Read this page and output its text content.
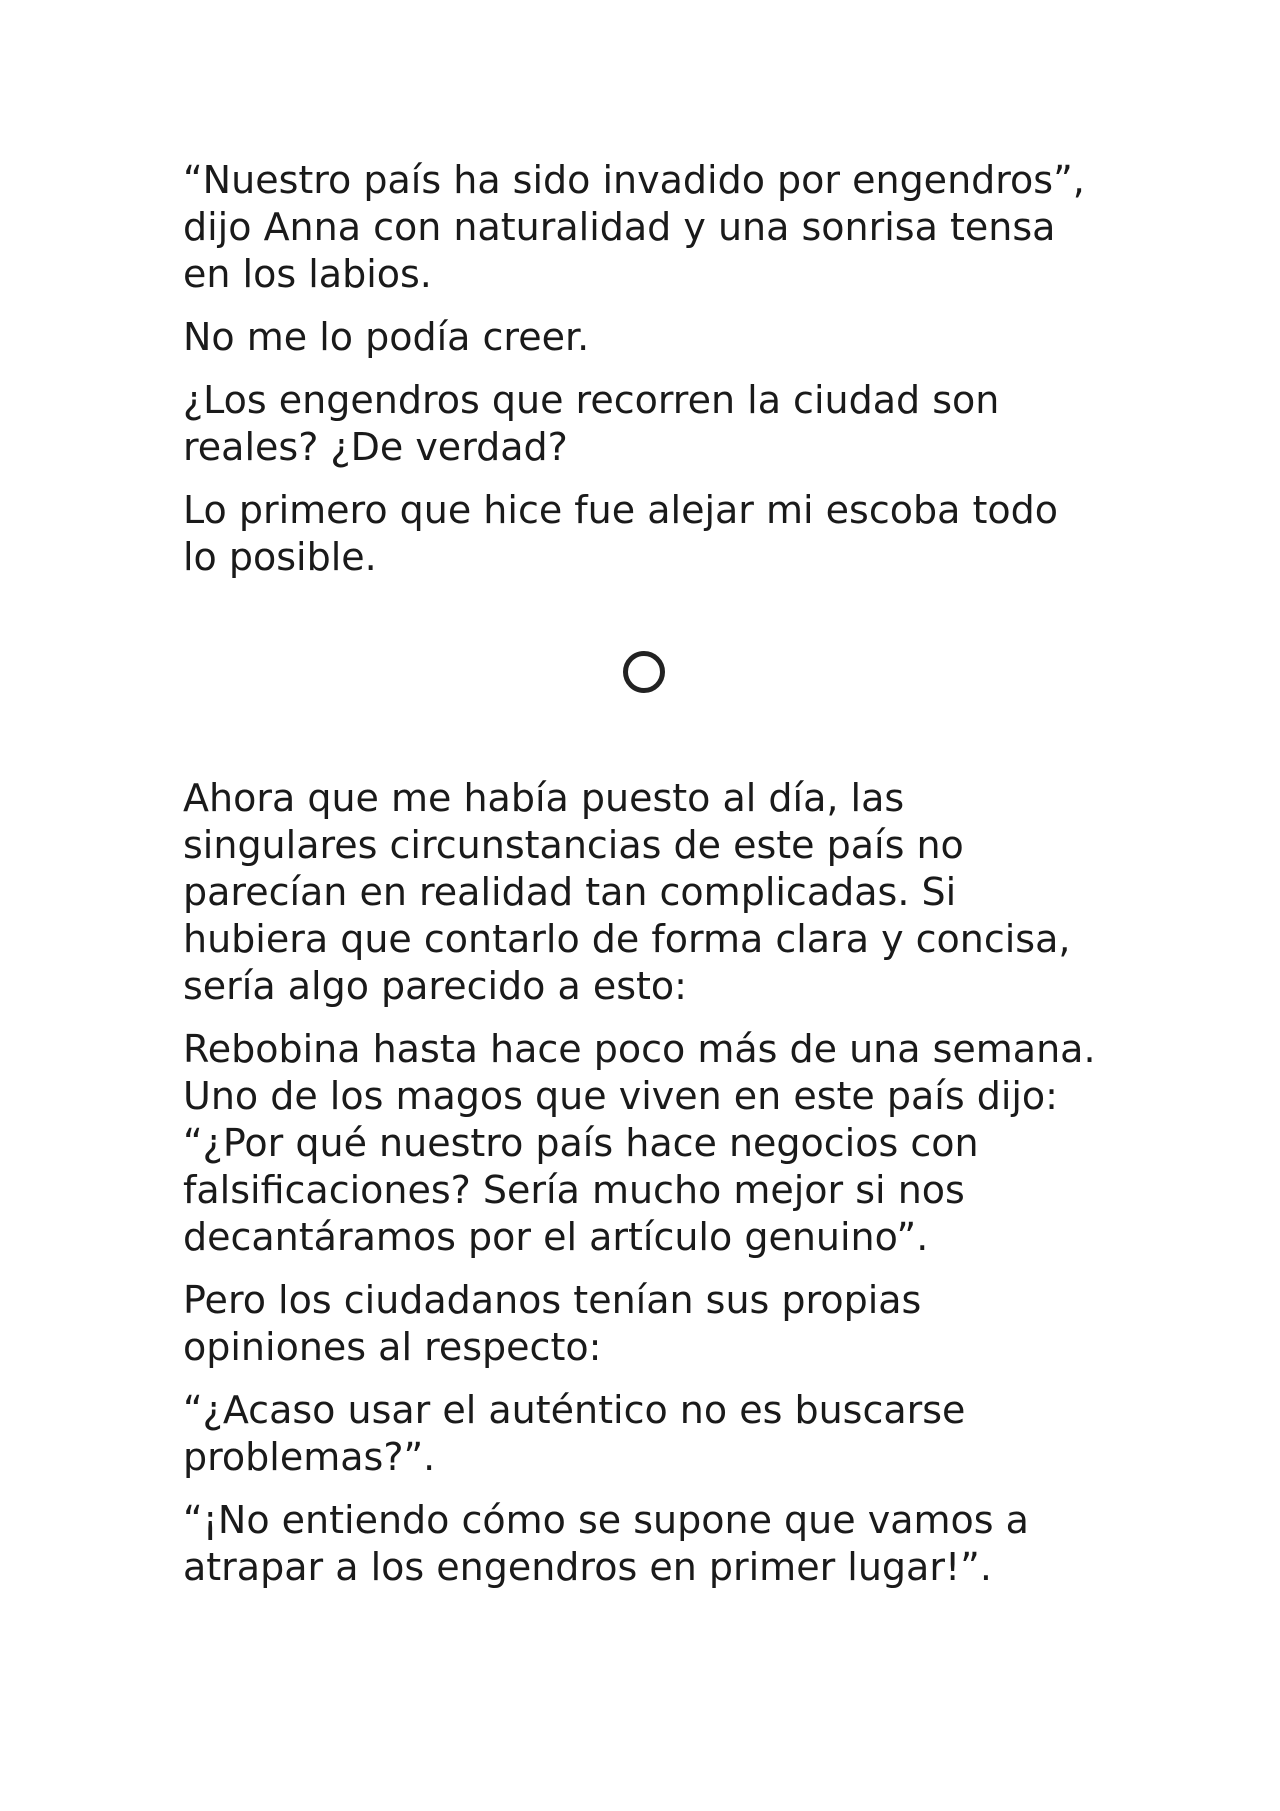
“Nuestro país ha sido invadido por engendros”, dijo Anna con naturalidad y una sonrisa tensa en los labios.

No me lo podía creer.

¿Los engendros que recorren la ciudad son reales? ¿De verdad?

Lo primero que hice fue alejar mi escoba todo lo posible.

Ahora que me había puesto al día, las singulares circunstancias de este país no parecían en realidad tan complicadas. Si hubiera que contarlo de forma clara y concisa, sería algo parecido a esto:

Rebobina hasta hace poco más de una semana. Uno de los magos que viven en este país dijo: “¿Por qué nuestro país hace negocios con falsificaciones? Sería mucho mejor si nos decantáramos por el artículo genuino”.

Pero los ciudadanos tenían sus propias opiniones al respecto:

“¿Acaso usar el auténtico no es buscarse problemas?”.

“¡No entiendo cómo se supone que vamos a atrapar a los engendros en primer lugar!”.
